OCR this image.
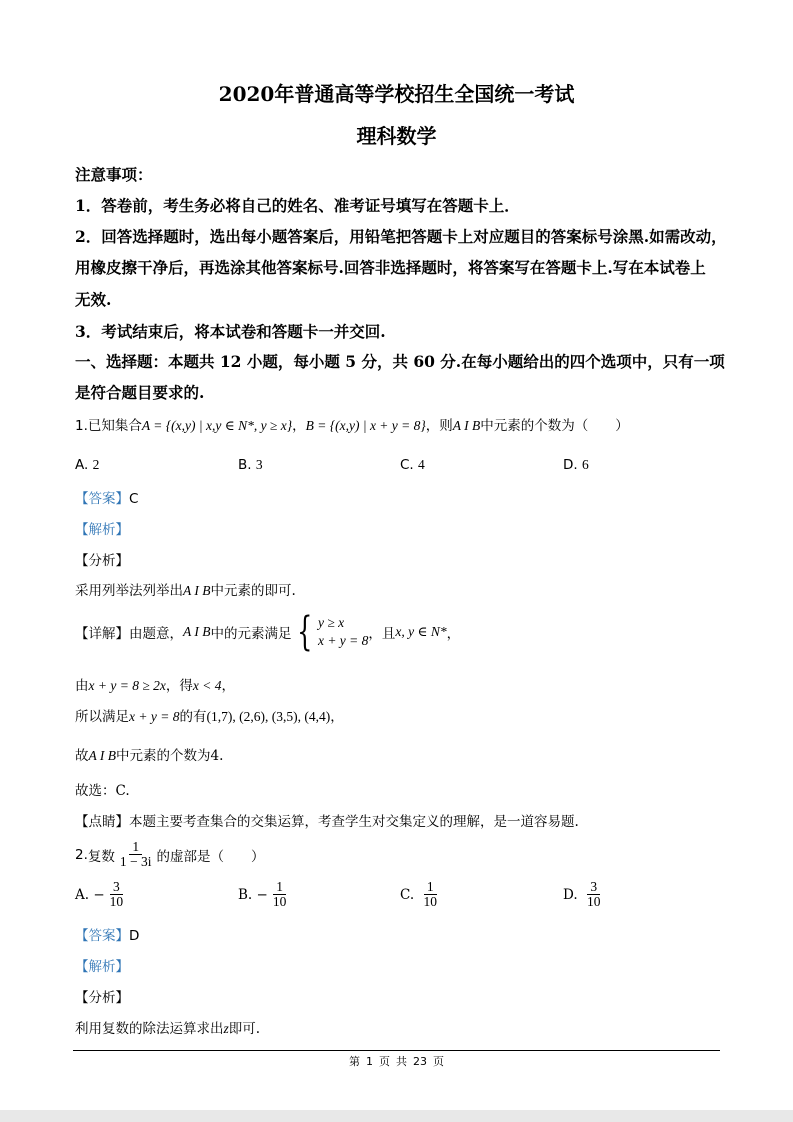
2020年普通高等学校招生全国统一考试
理科数学
注意事项：
1．答卷前，考生务必将自己的姓名、准考证号填写在答题卡上．
2．回答选择题时，选出每小题答案后，用铅笔把答题卡上对应题目的答案标号涂黑.如需改动，
用橡皮擦干净后，再选涂其他答案标号.回答非选择题时，将答案写在答题卡上.写在本试卷上
无效.
3．考试结束后，将本试卷和答题卡一并交回.
一、选择题：本题共 12 小题，每小题 5 分，共 60 分.在每小题给出的四个选项中，只有一项
是符合题目要求的.
1.已知集合A = {(x,y) | x,y ∈ N*, y ≥ x}，B = {(x,y) | x + y = 8}，则A I B中元素的个数为（　　）
A. 2	B. 3	C. 4	D. 6
【答案】C
【解析】
【分析】
采用列举法列举出A I B中元素的即可.
【详解】 由题意， A I B 中的元素满足 { y ≥ x
x + y = 8 ，且 x, y ∈ N* ，
由x + y = 8 ≥ 2x，得x < 4，
所以满足x + y = 8的有(1,7), (2,6), (3,5), (4,4)，
故A I B中元素的个数为4.
故选：C.
【点睛】本题主要考查集合的交集运算，考查学生对交集定义的理解，是一道容易题.
2. 复数 $\frac{1}{1 - 3i}$ 的虚部是（　　）
A.
− $\frac{3}{10}$	B.
− $\frac{1}{10}$	C.
$\frac{1}{10}$	D.
$\frac{3}{10}$
【答案】D
【解析】
【分析】
利用复数的除法运算求出z即可.
第 1 页 共 23 页
